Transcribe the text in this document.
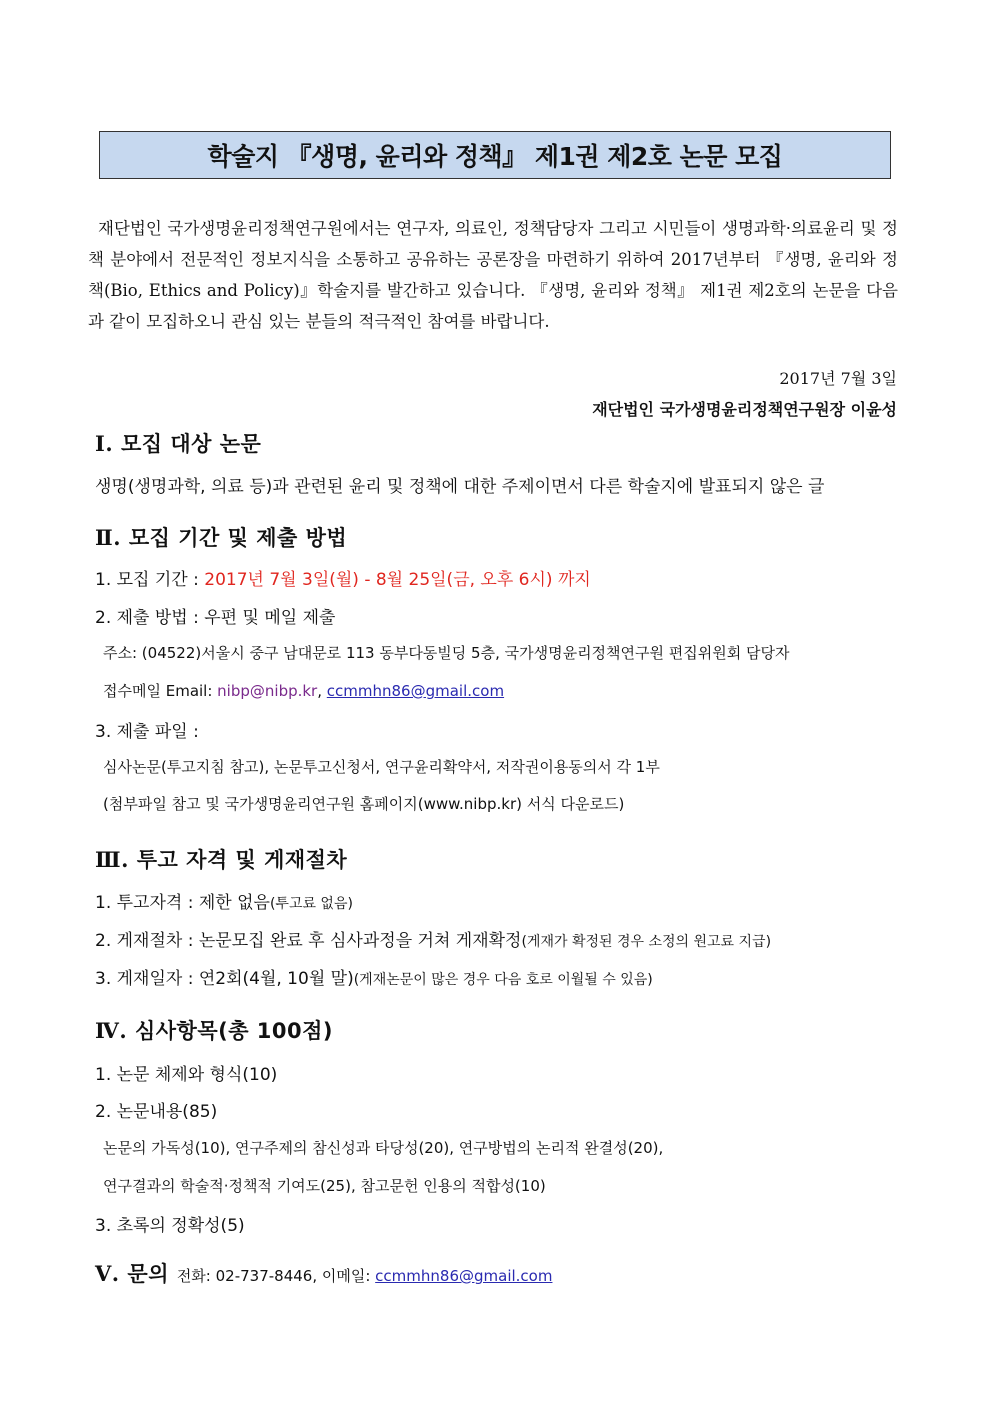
학술지 『생명, 윤리와 정책』 제1권 제2호 논문 모집

재단법인 국가생명윤리정책연구원에서는 연구자, 의료인, 정책담당자 그리고 시민들이 생명과학·의료윤리 및 정책 분야에서 전문적인 정보지식을 소통하고 공유하는 공론장을 마련하기 위하여 2017년부터 『생명, 윤리와 정책(Bio, Ethics and Policy)』학술지를 발간하고 있습니다. 『생명, 윤리와 정책』 제1권 제2호의 논문을 다음과 같이 모집하오니 관심 있는 분들의 적극적인 참여를 바랍니다.

2017년 7월 3일
재단법인 국가생명윤리정책연구원장 이윤성
Ⅰ. 모집 대상 논문
생명(생명과학, 의료 등)과 관련된 윤리 및 정책에 대한 주제이면서 다른 학술지에 발표되지 않은 글
Ⅱ. 모집 기간 및 제출 방법
1. 모집 기간 : 2017년 7월 3일(월) - 8월 25일(금, 오후 6시) 까지
2. 제출 방법 : 우편 및 메일 제출
주소: (04522)서울시 중구 남대문로 113 동부다동빌딩 5층, 국가생명윤리정책연구원 편집위원회 담당자
접수메일 Email: nibp@nibp.kr, ccmmhn86@gmail.com
3. 제출 파일 :
심사논문(투고지침 참고), 논문투고신청서, 연구윤리확약서, 저작권이용동의서 각 1부
(첨부파일 참고 및 국가생명윤리연구원 홈페이지(www.nibp.kr) 서식 다운로드)
Ⅲ. 투고 자격 및 게재절차
1. 투고자격 : 제한 없음(투고료 없음)
2. 게재절차 : 논문모집 완료 후 심사과정을 거쳐 게재확정(게재가 확정된 경우 소정의 원고료 지급)
3. 게재일자 : 연2회(4월, 10월 말)(게재논문이 많은 경우 다음 호로 이월될 수 있음)
Ⅳ. 심사항목(총 100점)
1. 논문 체제와 형식(10)
2. 논문내용(85)
논문의 가독성(10), 연구주제의 참신성과 타당성(20), 연구방법의 논리적 완결성(20),
연구결과의 학술적·정책적 기여도(25), 참고문헌 인용의 적합성(10)
3. 초록의 정확성(5)
Ⅴ. 문의 전화: 02-737-8446, 이메일: ccmmhn86@gmail.com
